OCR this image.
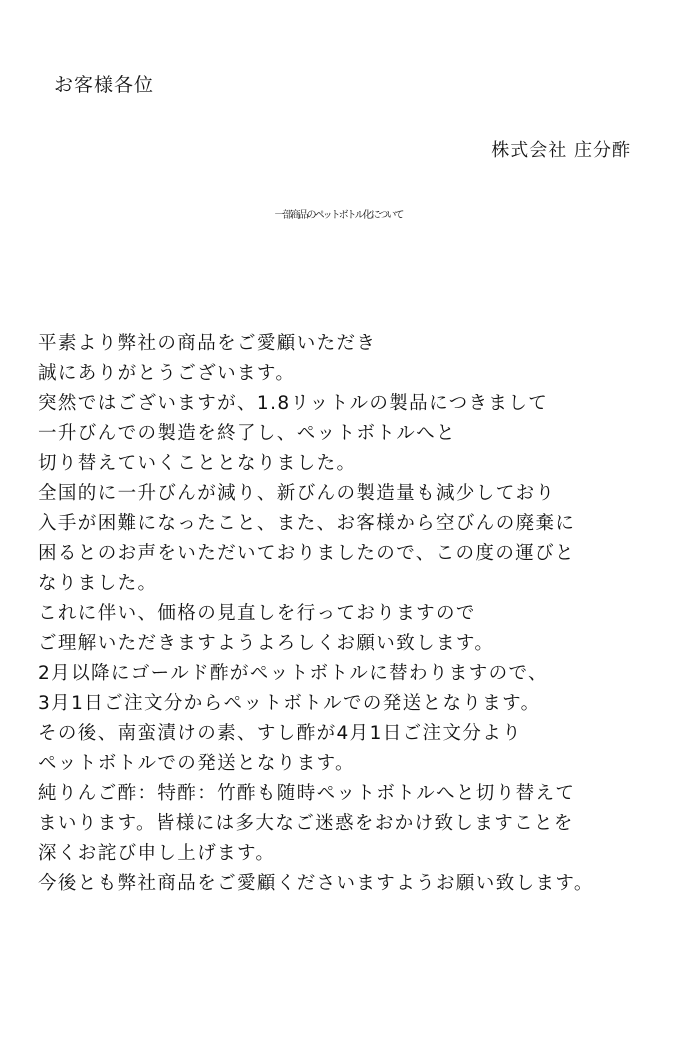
お客様各位
株式会社 庄分酢
一部商品のペットボトル化について
平素より弊社の商品をご愛顧いただき
誠にありがとうございます。
突然ではございますが、1.8リットルの製品につきまして
一升びんでの製造を終了し、ペットボトルへと
切り替えていくこととなりました。
全国的に一升びんが減り、新びんの製造量も減少しており
入手が困難になったこと、また、お客様から空びんの廃棄に
困るとのお声をいただいておりましたので、この度の運びと
なりました。
これに伴い、価格の見直しを行っておりますので
ご理解いただきますようよろしくお願い致します。
2月以降にゴールド酢がペットボトルに替わりますので、
3月1日ご注文分からペットボトルでの発送となります。
その後、南蛮漬けの素、すし酢が4月1日ご注文分より
ペットボトルでの発送となります。
純りんご酢：特酢：竹酢も随時ペットボトルへと切り替えて
まいります。皆様には多大なご迷惑をおかけ致しますことを
深くお詫び申し上げます。
今後とも弊社商品をご愛顧くださいますようお願い致します。
